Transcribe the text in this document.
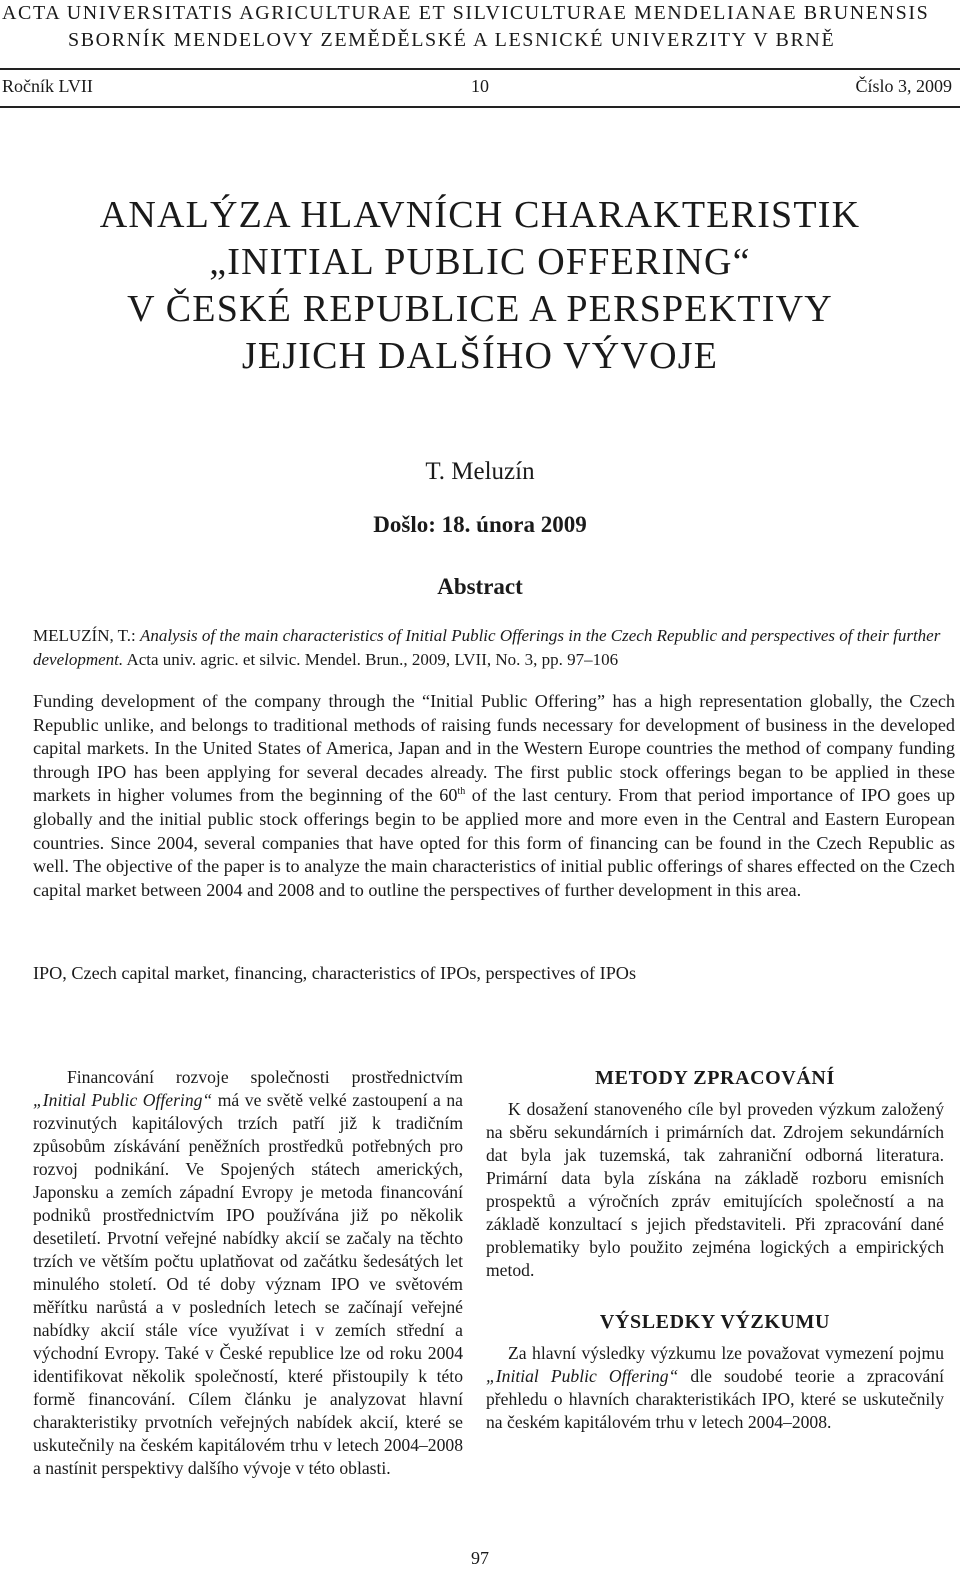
ACTA UNIVERSITATIS AGRICULTURAE ET SILVICULTURAE MENDELIANAE BRUNENSIS
SBORNÍK MENDELOVY ZEMĚDĚLSKÉ A LESNICKÉ UNIVERZITY V BRNĚ
10
Ročník LVII	Číslo 3, 2009
ANALÝZA HLAVNÍCH CHARAKTERISTIK
„INITIAL PUBLIC OFFERING“
V ČESKÉ REPUBLICE A PERSPEKTIVY
JEJICH DALŠÍHO VÝVOJE
T. Meluzín
Došlo: 18. února 2009
Abstract
MELUZÍN, T.: Analysis of the main characteristics of Initial Public Offerings in the Czech Republic and perspectives of their further development. Acta univ. agric. et silvic. Mendel. Brun., 2009, LVII, No. 3, pp. 97–106
Funding development of the company through the “Initial Public Offering” has a high representation globally, the Czech Republic unlike, and belongs to traditional methods of raising funds necessary for development of business in the developed capital markets. In the United States of America, Japan and in the Western Europe countries the method of company funding through IPO has been applying for several decades already. The first public stock offerings began to be applied in these markets in higher volumes from the beginning of the 60th of the last century. From that period importance of IPO goes up globally and the initial public stock offerings begin to be applied more and more even in the Central and Eastern European countries. Since 2004, several companies that have opted for this form of financing can be found in the Czech Republic as well. The objective of the paper is to analyze the main characteristics of initial public offerings of shares effected on the Czech capital market between 2004 and 2008 and to outline the perspectives of further development in this area.
IPO, Czech capital market, financing, characteristics of IPOs, perspectives of IPOs
Financování rozvoje společnosti prostřednictvím „Initial Public Offering“ má ve světě velké zastoupení a na rozvinutých kapitálových trzích patří již k tradičním způsobům získávání peněžních prostředků potřebných pro rozvoj podnikání. Ve Spojených státech amerických, Japonsku a zemích západní Evropy je metoda financování podniků prostřednictvím IPO používána již po několik desetiletí. Prvotní veřejné nabídky akcií se začaly na těchto trzích ve větším počtu uplatňovat od začátku šedesátých let minulého století. Od té doby význam IPO ve světovém měřítku narůstá a v posledních letech se začínají veřejné nabídky akcií stále více využívat i v zemích střední a východní Evropy. Také v České republice lze od roku 2004 identifikovat několik společností, které přistoupily k této formě financování. Cílem článku je analyzovat hlavní charakteristiky prvotních veřejných nabídek akcií, které se uskutečnily na českém kapitálovém trhu v letech 2004–2008 a nastínit perspektivy dalšího vývoje v této oblasti.
METODY ZPRACOVÁNÍ

K dosažení stanoveného cíle byl proveden výzkum založený na sběru sekundárních i primárních dat. Zdrojem sekundárních dat byla jak tuzemská, tak zahraniční odborná literatura. Primární data byla získána na základě rozboru emisních prospektů a výročních zpráv emitujících společností a na základě konzultací s jejich představiteli. Při zpracování dané problematiky bylo použito zejména logických a empirických metod.

VÝSLEDKY VÝZKUMU

Za hlavní výsledky výzkumu lze považovat vymezení pojmu „Initial Public Offering“ dle soudobé teorie a zpracování přehledu o hlavních charakteristikách IPO, které se uskutečnily na českém kapitálovém trhu v letech 2004–2008.

97
